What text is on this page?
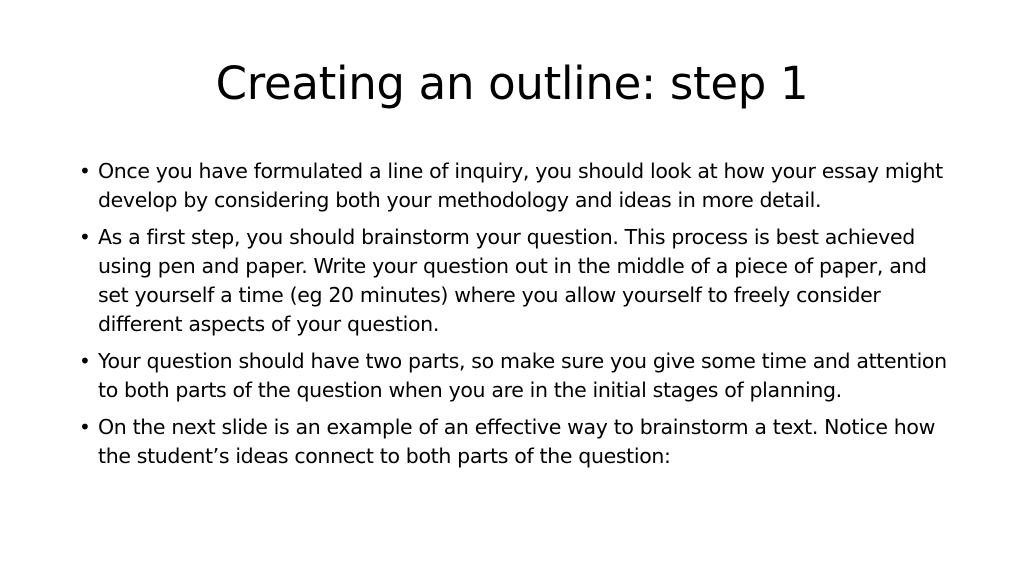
Creating an outline: step 1
• Once you have formulated a line of inquiry, you should look at how your essay might develop by considering both your methodology and ideas in more detail.
• As a first step, you should brainstorm your question. This process is best achieved using pen and paper. Write your question out in the middle of a piece of paper, and set yourself a time (eg 20 minutes) where you allow yourself to freely consider different aspects of your question.
• Your question should have two parts, so make sure you give some time and attention to both parts of the question when you are in the initial stages of planning.
• On the next slide is an example of an effective way to brainstorm a text. Notice how the student’s ideas connect to both parts of the question:
